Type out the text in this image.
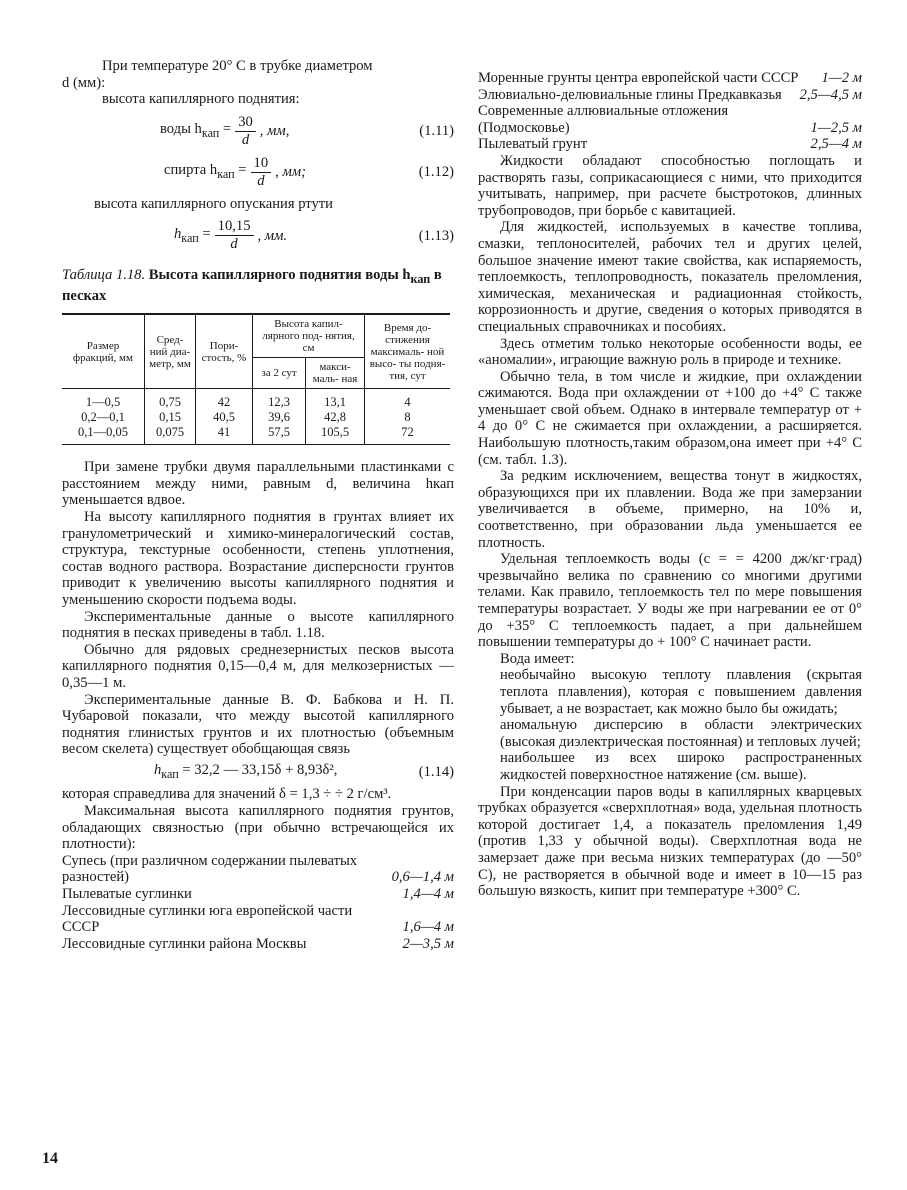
При температуре 20° С в трубке диаметром
d (мм):
высота капиллярного поднятия:
воды $h_{кап} = \frac{30}{d}$ , мм,	(1.11)
спирта $h_{кап} = \frac{10}{d}$ , мм;	(1.12)
высота капиллярного опускания ртути
$h_{кап} = \frac{10,15}{d}$ , мм.	(1.13)
Таблица 1.18. Высота капиллярного поднятия воды $h_{кап}$ в песках
Размер фракций, мм	Сред- ний диа- метр, мм	Пори- стость, %	Высота капил- лярного под- нятия, см		Время до- стижения максималь- ной высо- ты подня- тия, сут
			за 2 сут	макси- маль- ная	
1—0,5	0,75	42	12,3	13,1	4
0,2—0,1	0,15	40,5	39,6	42,8	8
0,1—0,05	0,075	41	57,5	105,5	72

При замене трубки двумя параллельными пластинками с расстоянием между ними, равным d, величина hкап уменьшается вдвое.

На высоту капиллярного поднятия в грунтах влияет их гранулометрический и химико-минералогический состав, структура, текстурные особенности, степень уплотнения, состав водного раствора. Возрастание дисперсности грунтов приводит к увеличению высоты капиллярного поднятия и уменьшению скорости подъема воды.

Экспериментальные данные о высоте капиллярного поднятия в песках приведены в табл. 1.18.

Обычно для рядовых среднезернистых песков высота капиллярного поднятия 0,15—0,4 м, для мелкозернистых — 0,35—1 м.

Экспериментальные данные В. Ф. Бабкова и Н. П. Чубаровой показали, что между высотой капиллярного поднятия глинистых грунтов и их плотностью (объемным весом скелета) существует обобщающая связь

$h_{кап} = 32,2$ — 33,15δ + 8,93δ²,	(1.14)

которая справедлива для значений δ = 1,3 ÷ ÷ 2 г/см³.

Максимальная высота капиллярного поднятия грунтов, обладающих связностью (при обычно встречающейся их плотности):

Супесь (при различном содержании пылеватых разностей)	0,6—1,4 м
Пылеватые суглинки	1,4—4 м
Лессовидные суглинки юга европейской части СССР	1,6—4 м
Лессовидные суглинки района Москвы	2—3,5 м
Моренные грунты центра европейской части СССР	1—2 м
Элювиально-делювиальные глины Предкавказья	2,5—4,5 м
Современные аллювиальные отложения (Подмосковье)	1—2,5 м
Пылеватый грунт	2,5—4 м

Жидкости обладают способностью поглощать и растворять газы, соприкасающиеся с ними, что приходится учитывать, например, при расчете быстротоков, длинных трубопроводов, при борьбе с кавитацией.

Для жидкостей, используемых в качестве топлива, смазки, теплоносителей, рабочих тел и других целей, большое значение имеют такие свойства, как испаряемость, теплоемкость, теплопроводность, показатель преломления, химическая, механическая и радиационная стойкость, коррозионность и другие, сведения о которых приводятся в специальных справочниках и пособиях.

Здесь отметим только некоторые особенности воды, ее «аномалии», играющие важную роль в природе и технике.

Обычно тела, в том числе и жидкие, при охлаждении сжимаются. Вода при охлаждении от +100 до +4° С также уменьшает свой объем. Однако в интервале температур от + 4 до 0° С не сжимается при охлаждении, а расширяется. Наибольшую плотность,таким образом,она имеет при +4° С (см. табл. 1.3).

За редким исключением, вещества тонут в жидкостях, образующихся при их плавлении. Вода же при замерзании увеличивается в объеме, примерно, на 10% и, соответственно, при образовании льда уменьшается ее плотность.

Удельная теплоемкость воды (c = = 4200 дж/кг·град) чрезвычайно велика по сравнению со многими другими телами. Как правило, теплоемкость тел по мере повышения температуры возрастает. У воды же при нагревании ее от 0° до +35° С теплоемкость падает, а при дальнейшем повышении температуры до + 100° С начинает расти.

Вода имеет:

необычайно высокую теплоту плавления (скрытая теплота плавления), которая с повышением давления убывает, а не возрастает, как можно было бы ожидать;

аномальную дисперсию в области электрических (высокая диэлектрическая постоянная) и тепловых лучей;

наибольшее из всех широко распространенных жидкостей поверхностное натяжение (см. выше).

При конденсации паров воды в капиллярных кварцевых трубках образуется «сверхплотная» вода, удельная плотность которой достигает 1,4, а показатель преломления 1,49 (против 1,33 у обычной воды). Сверхплотная вода не замерзает даже при весьма низких температурах (до —50° С), не растворяется в обычной воде и имеет в 10—15 раз большую вязкость, кипит при температуре +300° С.

14
